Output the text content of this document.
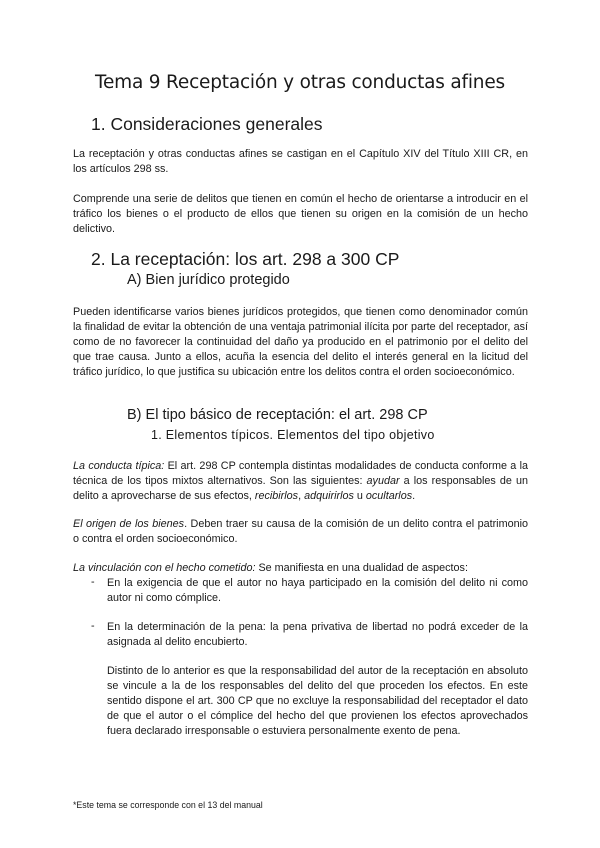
Tema 9 Receptación y otras conductas afines
1. Consideraciones generales

La receptación y otras conductas afines se castigan en el Capítulo XIV del Título XIII CR, en los artículos 298 ss.

Comprende una serie de delitos que tienen en común el hecho de orientarse a introducir en el tráfico los bienes o el producto de ellos que tienen su origen en la comisión de un hecho delictivo.

2. La receptación: los art. 298 a 300 CP
A) Bien jurídico protegido

Pueden identificarse varios bienes jurídicos protegidos, que tienen como denominador común la finalidad de evitar la obtención de una ventaja patrimonial ilícita por parte del receptador, así como de no favorecer la continuidad del daño ya producido en el patrimonio por el delito del que trae causa. Junto a ellos, acuña la esencia del delito el interés general en la licitud del tráfico jurídico, lo que justifica su ubicación entre los delitos contra el orden socioeconómico.

B) El tipo básico de receptación: el art. 298 CP
1. Elementos típicos. Elementos del tipo objetivo

La conducta típica: El art. 298 CP contempla distintas modalidades de conducta conforme a la técnica de los tipos mixtos alternativos. Son las siguientes: ayudar a los responsables de un delito a aprovecharse de sus efectos, recibirlos, adquirirlos u ocultarlos.

El origen de los bienes. Deben traer su causa de la comisión de un delito contra el patrimonio o contra el orden socioeconómico.

La vinculación con el hecho cometido: Se manifiesta en una dualidad de aspectos:

- En la exigencia de que el autor no haya participado en la comisión del delito ni como autor ni como cómplice.

- En la determinación de la pena: la pena privativa de libertad no podrá exceder de la asignada al delito encubierto.

Distinto de lo anterior es que la responsabilidad del autor de la receptación en absoluto se vincule a la de los responsables del delito del que proceden los efectos. En este sentido dispone el art. 300 CP que no excluye la responsabilidad del receptador el dato de que el autor o el cómplice del hecho del que provienen los efectos aprovechados fuera declarado irresponsable o estuviera personalmente exento de pena.

*Este tema se corresponde con el 13 del manual
